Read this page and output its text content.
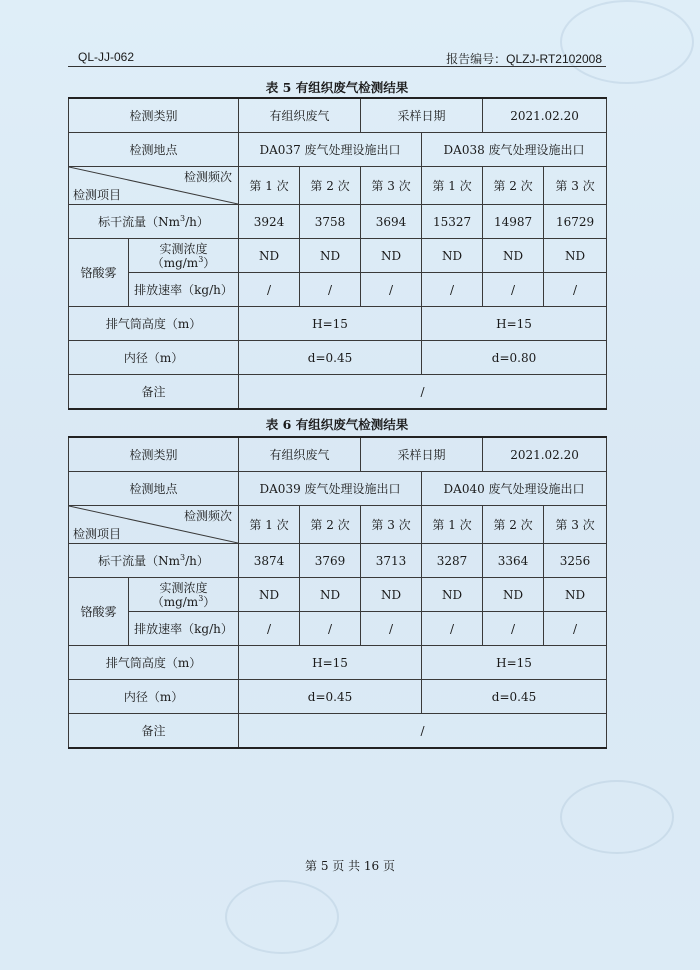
QL-JJ-062	报告编号：QLZJ-RT2102008
表 5 有组织废气检测结果
检测类别		有组织废气		采样日期		2021.02.20	
检测地点		DA037 废气处理设施出口			DA038 废气处理设施出口		

检测频次
检测项目		第 1 次	第 2 次	第 3 次	第 1 次	第 2 次	第 3 次
标干流量（Nm$^3$/h）		3924	3758	3694	15327	14987	16729
铬酸雾	实测浓度$(mg/m^3)$	ND	ND	ND	ND	ND	ND
	排放速率（kg/h）	/	/	/	/	/	/
排气筒高度（m）		H=15			H=15		
内径（m）		d=0.45			d=0.80		
备注		/					
表 6 有组织废气检测结果
检测类别		有组织废气		采样日期		2021.02.20	
检测地点		DA039 废气处理设施出口			DA040 废气处理设施出口		

检测频次
检测项目		第 1 次	第 2 次	第 3 次	第 1 次	第 2 次	第 3 次
标干流量（Nm$^3$/h）		3874	3769	3713	3287	3364	3256
铬酸雾	实测浓度$(mg/m^3)$	ND	ND	ND	ND	ND	ND
	排放速率（kg/h）	/	/	/	/	/	/
排气筒高度（m）		H=15			H=15		
内径（m）		d=0.45			d=0.45		
备注		/					
第 5 页 共 16 页
